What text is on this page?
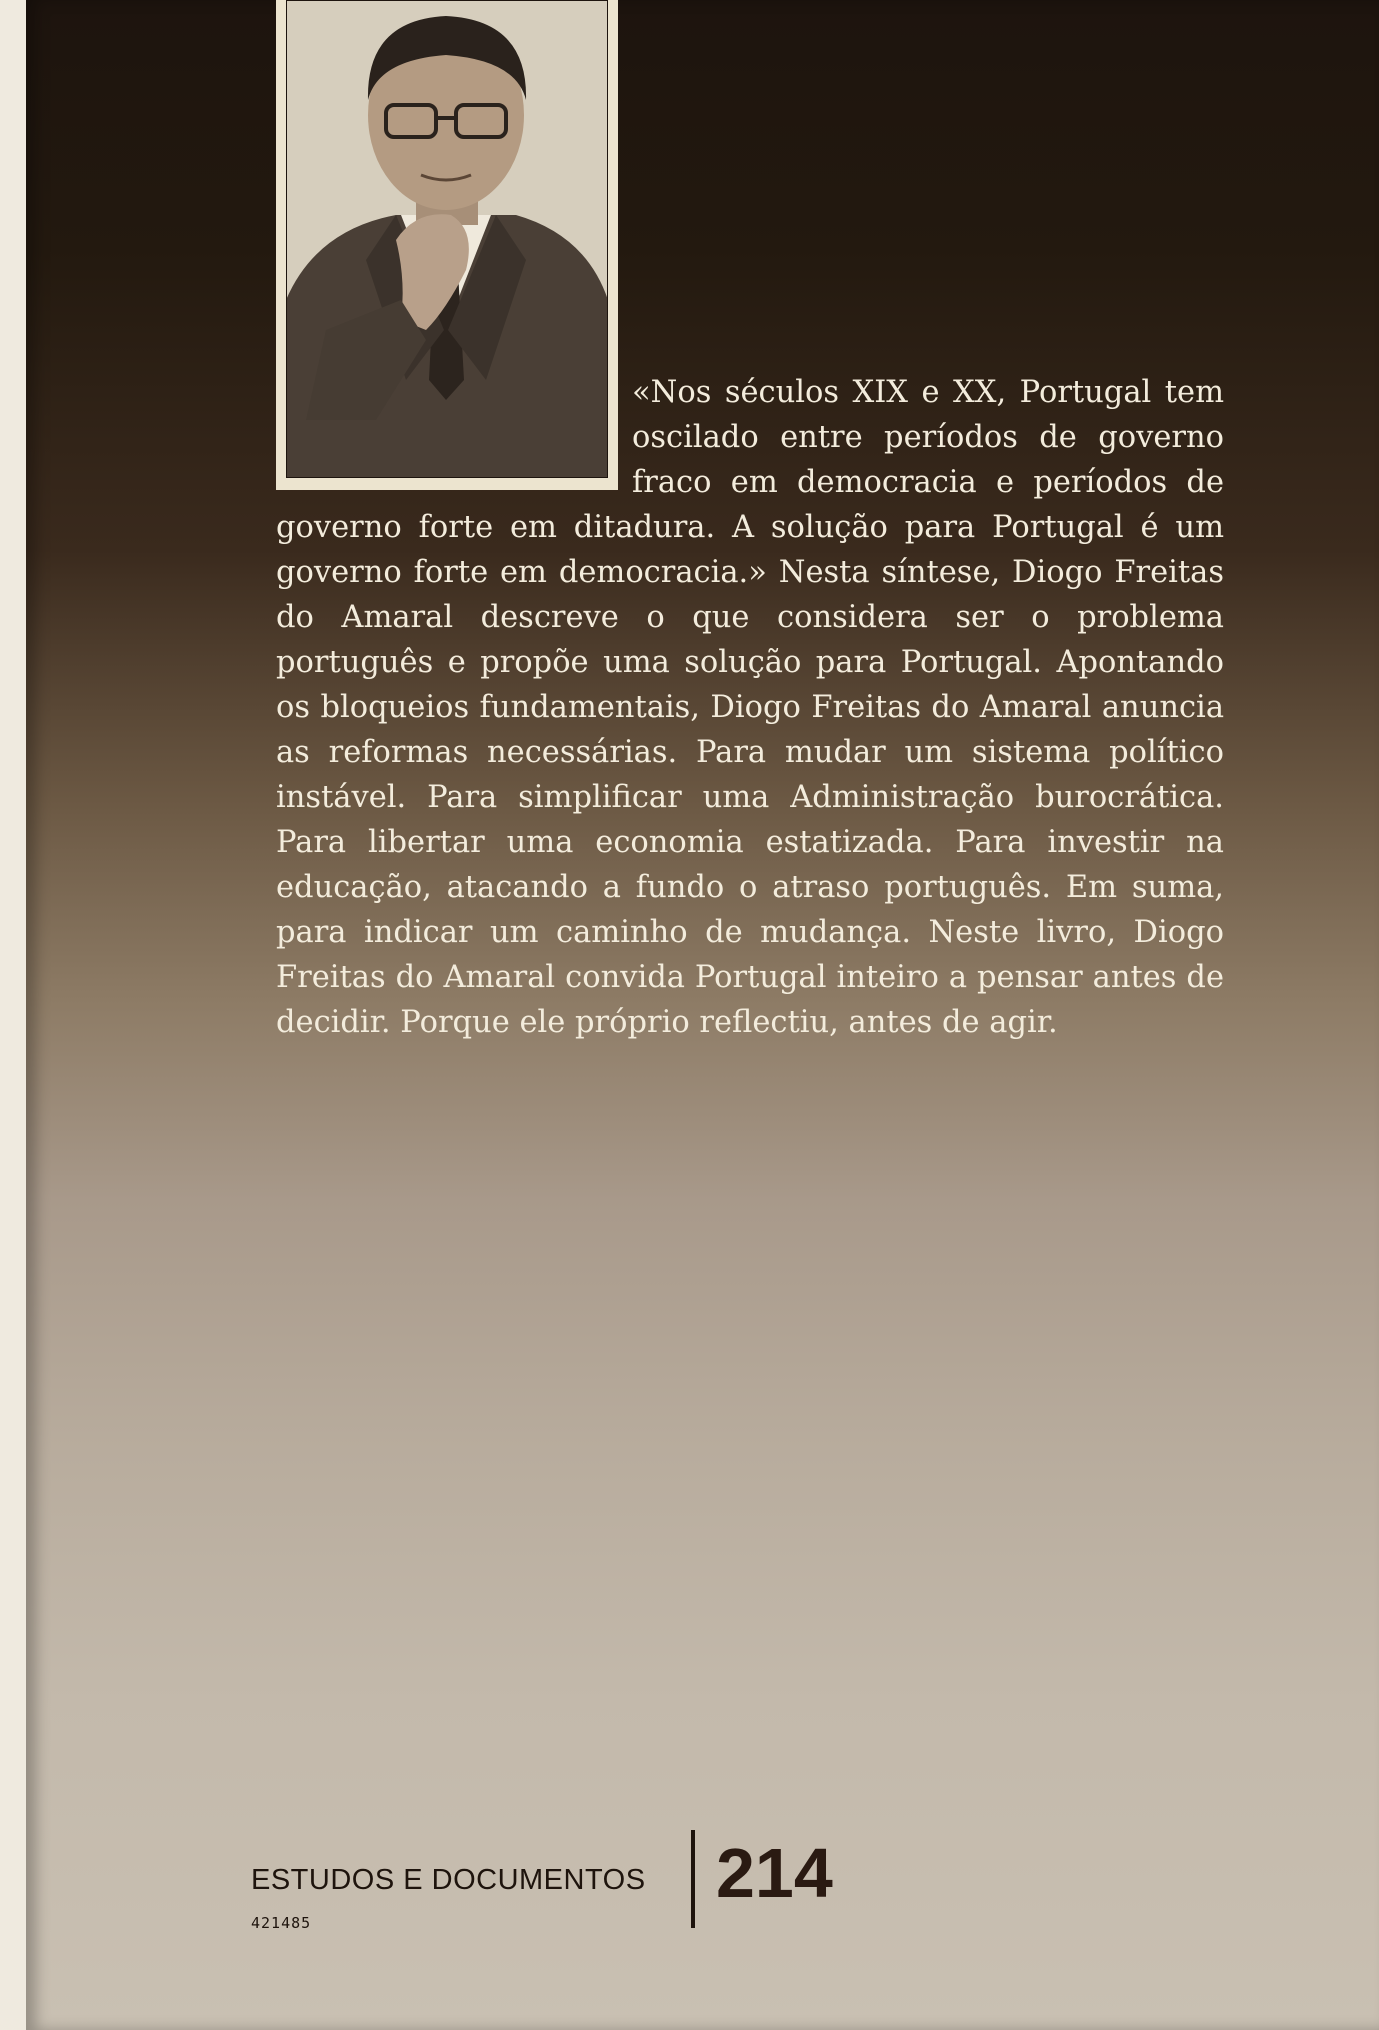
«Nos séculos XIX e XX, Portugal tem oscilado entre períodos de governo fraco em democracia e períodos de governo forte em ditadura. A solução para Portugal é um governo forte em democracia.» Nesta síntese, Diogo Freitas do Amaral descreve o que considera ser o problema português e propõe uma solução para Portugal. Apontando os bloqueios fundamentais, Diogo Freitas do Amaral anuncia as reformas necessárias. Para mudar um sistema político instável. Para simplificar uma Administração burocrática. Para libertar uma economia estatizada. Para investir na educação, atacando a fundo o atraso português. Em suma, para indicar um caminho de mudança. Neste livro, Diogo Freitas do Amaral convida Portugal inteiro a pensar antes de decidir. Porque ele próprio reflectiu, antes de agir.

ESTUDOS E DOCUMENTOS
421485
214
